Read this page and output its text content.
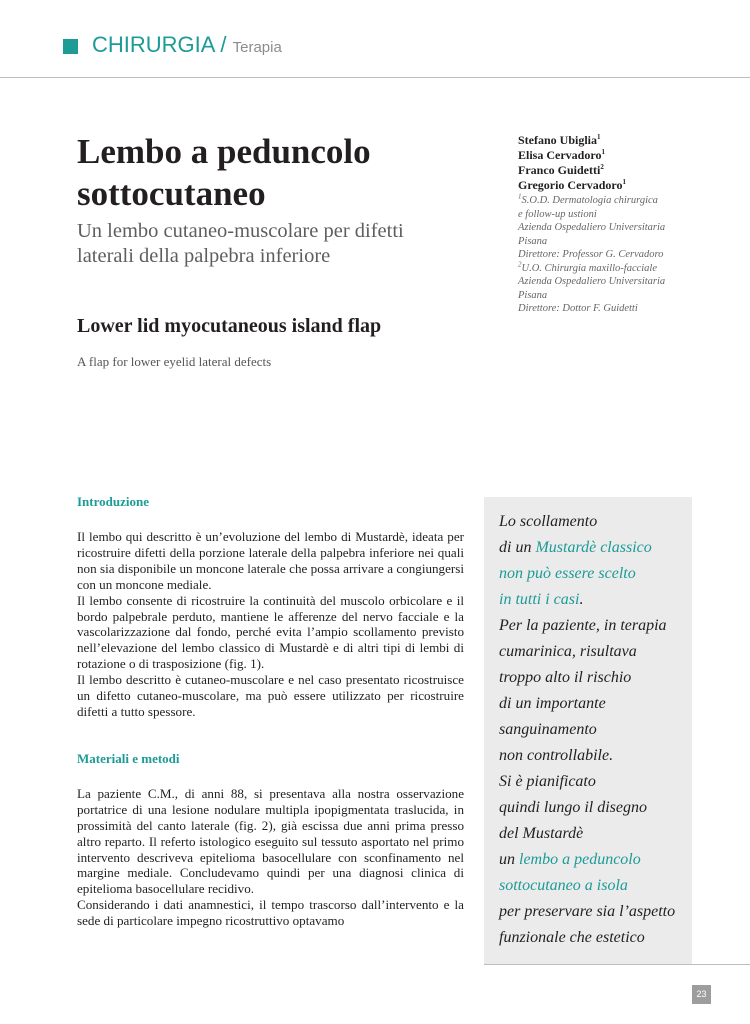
CHIRURGIA / Terapia
Lembo a peduncolo
sottocutaneo
Un lembo cutaneo-muscolare per difetti
laterali della palpebra inferiore
Lower lid myocutaneous island flap
A flap for lower eyelid lateral defects
Stefano Ubiglia$^1$
Elisa Cervadoro$^1$
Franco Guidetti$^2$
Gregorio Cervadoro$^1$
$^1$S.O.D. Dermatologia chirurgica
e follow-up ustioni
Azienda Ospedaliero Universitaria
Pisana
Direttore: Professor G. Cervadoro
$^2$U.O. Chirurgia maxillo-facciale
Azienda Ospedaliero Universitaria
Pisana
Direttore: Dottor F. Guidetti
Introduzione

Il lembo qui descritto è un’evoluzione del lembo di Mustardè, ideata per ricostruire difetti della porzione laterale della palpebra inferiore nei quali non sia disponibile un moncone laterale che possa arrivare a congiungersi con un moncone mediale.

Il lembo consente di ricostruire la continuità del muscolo orbicolare e il bordo palpebrale perduto, mantiene le afferenze del nervo facciale e la vascolarizzazione dal fondo, perché evita l’ampio scollamento previsto nell’elevazione del lembo classico di Mustardè e di altri tipi di lembi di rotazione o di trasposizione (fig. 1).

Il lembo descritto è cutaneo-muscolare e nel caso presentato ricostruisce un difetto cutaneo-muscolare, ma può essere utilizzato per ricostruire difetti a tutto spessore.

Materiali e metodi

La paziente C.M., di anni 88, si presentava alla nostra osservazione portatrice di una lesione nodulare multipla ipopigmentata traslucida, in prossimità del canto laterale (fig. 2), già escissa due anni prima presso altro reparto. Il referto istologico eseguito sul tessuto asportato nel primo intervento descriveva epitelioma basocellulare con sconfinamento nel margine mediale. Concludevamo quindi per una diagnosi clinica di epitelioma basocellulare recidivo.

Considerando i dati anamnestici, il tempo trascorso dall’intervento e la sede di particolare impegno ricostruttivo optavamo

Lo scollamento
di un Mustardè classico
non può essere scelto
in tutti i casi.
Per la paziente, in terapia
cumarinica, risultava
troppo alto il rischio
di un importante
sanguinamento
non controllabile.
Si è pianificato
quindi lungo il disegno
del Mustardè
un lembo a peduncolo
sottocutaneo a isola
per preservare sia l’aspetto
funzionale che estetico
23
